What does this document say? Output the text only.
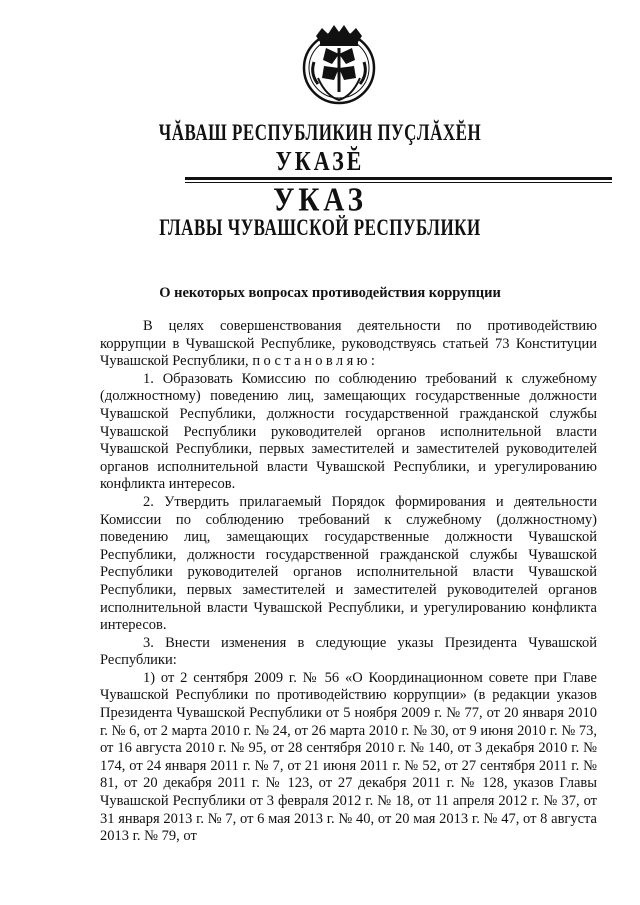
ЧĂВАШ РЕСПУБЛИКИН ПУÇЛĂХĔН
УКАЗĔ
УКАЗ
ГЛАВЫ ЧУВАШСКОЙ РЕСПУБЛИКИ
О некоторых вопросах противодействия коррупции

В целях совершенствования деятельности по противодействию коррупции в Чувашской Республике, руководствуясь статьей 73 Конституции Чувашской Республики, постановляю:

1. Образовать Комиссию по соблюдению требований к служебному (должностному) поведению лиц, замещающих государственные должности Чувашской Республики, должности государственной гражданской службы Чувашской Республики руководителей органов исполнительной власти Чувашской Республики, первых заместителей и заместителей руководителей органов исполнительной власти Чувашской Республики, и урегулированию конфликта интересов.

2. Утвердить прилагаемый Порядок формирования и деятельности Комиссии по соблюдению требований к служебному (должностному) поведению лиц, замещающих государственные должности Чувашской Республики, должности государственной гражданской службы Чувашской Республики руководителей органов исполнительной власти Чувашской Республики, первых заместителей и заместителей руководителей органов исполнительной власти Чувашской Республики, и урегулированию конфликта интересов.

3. Внести изменения в следующие указы Президента Чувашской Республики:

1) от 2 сентября 2009 г. № 56 «О Координационном совете при Главе Чувашской Республики по противодействию коррупции» (в редакции указов Президента Чувашской Республики от 5 ноября 2009 г. № 77, от 20 января 2010 г. № 6, от 2 марта 2010 г. № 24, от 26 марта 2010 г. № 30, от 9 июня 2010 г. № 73, от 16 августа 2010 г. № 95, от 28 сентября 2010 г. № 140, от 3 декабря 2010 г. № 174, от 24 января 2011 г. № 7, от 21 июня 2011 г. № 52, от 27 сентября 2011 г. № 81, от 20 декабря 2011 г. № 123, от 27 декабря 2011 г. № 128, указов Главы Чувашской Республики от 3 февраля 2012 г. № 18, от 11 апреля 2012 г. № 37, от 31 января 2013 г. № 7, от 6 мая 2013 г. № 40, от 20 мая 2013 г. № 47, от 8 августа 2013 г. № 79, от
